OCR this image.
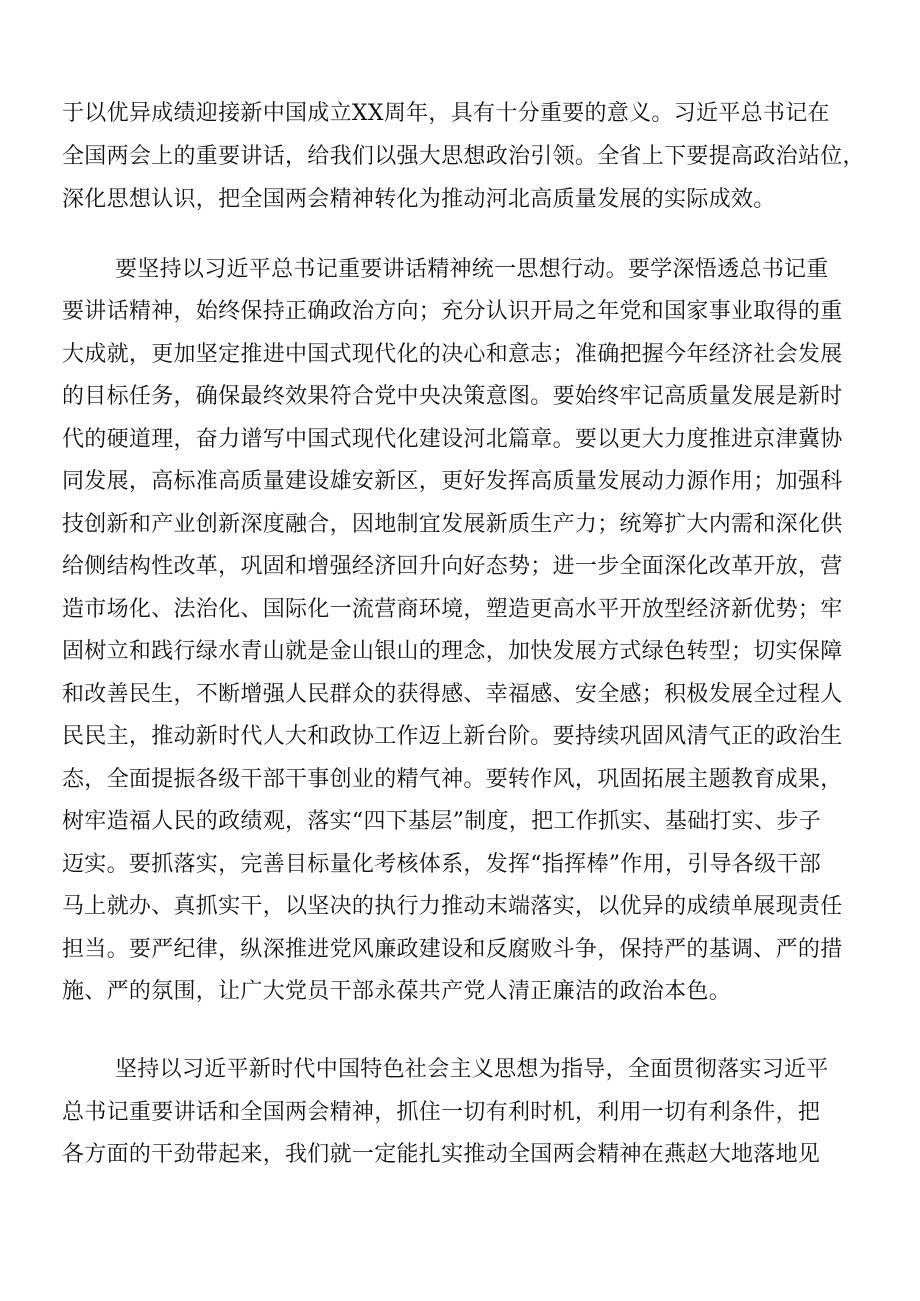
于以优异成绩迎接新中国成立XX周年，具有十分重要的意义。习近平总书记在
全国两会上的重要讲话，给我们以强大思想政治引领。全省上下要提高政治站位，
深化思想认识，把全国两会精神转化为推动河北高质量发展的实际成效。
要坚持以习近平总书记重要讲话精神统一思想行动。要学深悟透总书记重
要讲话精神，始终保持正确政治方向；充分认识开局之年党和国家事业取得的重
大成就，更加坚定推进中国式现代化的决心和意志；准确把握今年经济社会发展
的目标任务，确保最终效果符合党中央决策意图。要始终牢记高质量发展是新时
代的硬道理，奋力谱写中国式现代化建设河北篇章。要以更大力度推进京津冀协
同发展，高标准高质量建设雄安新区，更好发挥高质量发展动力源作用；加强科
技创新和产业创新深度融合，因地制宜发展新质生产力；统筹扩大内需和深化供
给侧结构性改革，巩固和增强经济回升向好态势；进一步全面深化改革开放，营
造市场化、法治化、国际化一流营商环境，塑造更高水平开放型经济新优势；牢
固树立和践行绿水青山就是金山银山的理念，加快发展方式绿色转型；切实保障
和改善民生，不断增强人民群众的获得感、幸福感、安全感；积极发展全过程人
民民主，推动新时代人大和政协工作迈上新台阶。要持续巩固风清气正的政治生
态，全面提振各级干部干事创业的精气神。要转作风，巩固拓展主题教育成果，
树牢造福人民的政绩观，落实“四下基层”制度，把工作抓实、基础打实、步子
迈实。要抓落实，完善目标量化考核体系，发挥“指挥棒”作用，引导各级干部
马上就办、真抓实干，以坚决的执行力推动末端落实，以优异的成绩单展现责任
担当。要严纪律，纵深推进党风廉政建设和反腐败斗争，保持严的基调、严的措
施、严的氛围，让广大党员干部永葆共产党人清正廉洁的政治本色。
坚持以习近平新时代中国特色社会主义思想为指导，全面贯彻落实习近平
总书记重要讲话和全国两会精神，抓住一切有利时机，利用一切有利条件，把
各方面的干劲带起来，我们就一定能扎实推动全国两会精神在燕赵大地落地见
